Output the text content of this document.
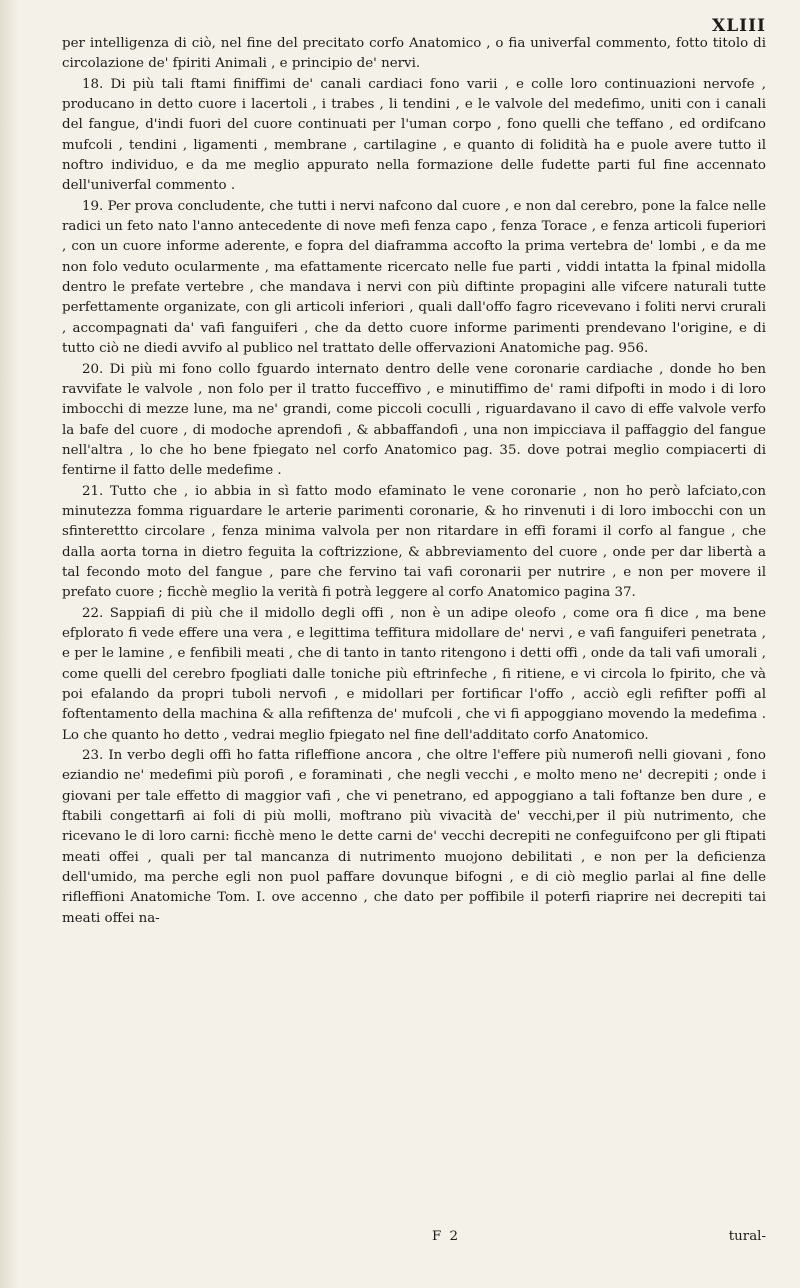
XLIII

per intelligenza di ciò, nel fine del precitato corfo Anatomico , o fia univerfal commento, fotto titolo di circolazione de' fpiriti Animali , e principio de' nervi.

18. Di più tali ftami finiffimi de' canali cardiaci fono varii , e colle loro continuazioni nervofe , producano in detto cuore i lacertoli , i trabes , li tendini , e le valvole del medefimo, uniti con i canali del fangue, d'indi fuori del cuore continuati per l'uman corpo , fono quelli che teffano , ed ordifcano mufcoli , tendini , ligamenti , membrane , cartilagine , e quanto di folidità ha e puole avere tutto il noftro individuo, e da me meglio appurato nella formazione delle fudette parti ful fine accennato dell'univerfal commento .

19. Per prova concludente, che tutti i nervi nafcono dal cuore , e non dal cerebro, pone la falce nelle radici un feto nato l'anno antecedente di nove mefi fenza capo , fenza Torace , e fenza articoli fuperiori , con un cuore informe aderente, e fopra del diaframma accofto la prima vertebra de' lombi , e da me non folo veduto ocularmente , ma efattamente ricercato nelle fue parti , viddi intatta la fpinal midolla dentro le prefate vertebre , che mandava i nervi con più diftinte propagini alle vifcere naturali tutte perfettamente organizate, con gli articoli inferiori , quali dall'offo fagro ricevevano i foliti nervi crurali , accompagnati da' vafi fanguiferi , che da detto cuore informe parimenti prendevano l'origine, e di tutto ciò ne diedi avvifo al publico nel trattato delle offervazioni Anatomiche pag. 956.

20. Di più mi fono collo fguardo internato dentro delle vene coronarie cardiache , donde ho ben ravvifate le valvole , non folo per il tratto fucceffivo , e minutiffimo de' rami difpofti in modo i di loro imbocchi di mezze lune, ma ne' grandi, come piccoli coculli , riguardavano il cavo di effe valvole verfo la bafe del cuore , di modoche aprendofi , & abbaffandofi , una non impicciava il paffaggio del fangue nell'altra , lo che ho bene fpiegato nel corfo Anatomico pag. 35. dove potrai meglio compiacerti di fentirne il fatto delle medefime .

21. Tutto che , io abbia in sì fatto modo efaminato le vene coronarie , non ho però lafciato,con minutezza fomma riguardare le arterie parimenti coronarie, & ho rinvenuti i di loro imbocchi con un sfinterettto circolare , fenza minima valvola per non ritardare in effi forami il corfo al fangue , che dalla aorta torna in dietro feguita la coftrizzione, & abbreviamento del cuore , onde per dar libertà a tal fecondo moto del fangue , pare che fervino tai vafi coronarii per nutrire , e non per movere il prefato cuore ; ficchè meglio la verità fi potrà leggere al corfo Anatomico pagina 37.

22. Sappiafi di più che il midollo degli offi , non è un adipe oleofo , come ora fi dice , ma bene efplorato fi vede effere una vera , e legittima teffitura midollare de' nervi , e vafi fanguiferi penetrata , e per le lamine , e fenfibili meati , che di tanto in tanto ritengono i detti offi , onde da tali vafi umorali , come quelli del cerebro fpogliati dalle toniche più eftrinfeche , fi ritiene, e vi circola lo fpirito, che và poi efalando da propri tuboli nervofi , e midollari per fortificar l'offo , acciò egli refifter poffi al foftentamento della machina & alla refiftenza de' mufcoli , che vi fi appoggiano movendo la medefima . Lo che quanto ho detto , vedrai meglio fpiegato nel fine dell'additato corfo Anatomico.

23. In verbo degli offi ho fatta rifleffione ancora , che oltre l'effere più numerofi nelli giovani , fono eziandio ne' medefimi più porofi , e foraminati , che negli vecchi , e molto meno ne' decrepiti ; onde i giovani per tale effetto di maggior vafi , che vi penetrano, ed appoggiano a tali foftanze ben dure , e ftabili congettarfi ai foli di più molli, moftrano più vivacità de' vecchi,per il più nutrimento, che ricevano le di loro carni: ficchè meno le dette carni de' vecchi decrepiti ne confeguifcono per gli ftipati meati offei , quali per tal mancanza di nutrimento muojono debilitati , e non per la deficienza dell'umido, ma perche egli non puol paffare dovunque bifogni , e di ciò meglio parlai al fine delle rifleffioni Anatomiche Tom. I. ove accenno , che dato per poffibile il poterfi riaprire nei decrepiti tai meati offei na-

F 2	tural-
